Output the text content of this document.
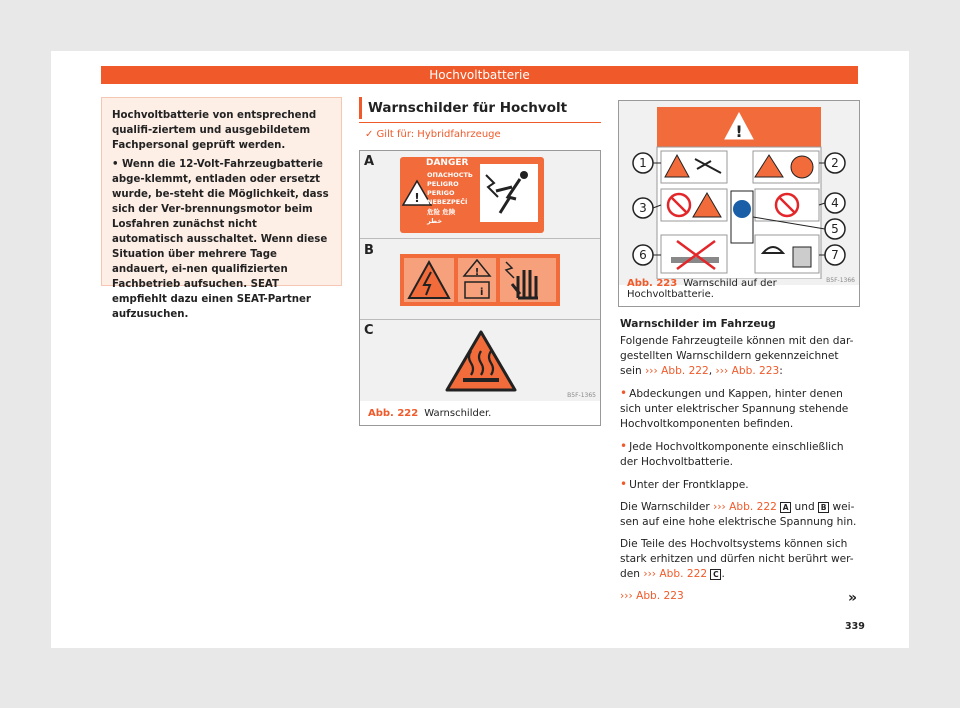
Hochvoltbatterie

Hochvoltbatterie von entsprechend qualifi-ziertem und ausgebildetem Fachpersonal geprüft werden.

• Wenn die 12-Volt-Fahrzeugbatterie abge-klemmt, entladen oder ersetzt wurde, be-steht die Möglichkeit, dass sich der Ver-brennungsmotor beim Losfahren zunächst nicht automatisch ausschaltet. Wenn diese Situation über mehrere Tage andauert, ei-nen qualifizierten Fachbetrieb aufsuchen. SEAT empfiehlt dazu einen SEAT-Partner aufzusuchen.

Warnschilder für Hochvolt
✓ Gilt für: Hybridfahrzeuge
A
B
C
!
DANGER
ОПАСНОСТЬ
PELIGRO
PERIGO
NEBEZPEČÍ
危险 危険
خطر
!
i
B5F-1365
Abb. 222 Warnschilder.
!
1	2
3	4
5
6	7
B5F-1366
Abb. 223 Warnschild auf der Hochvoltbatterie.

Warnschilder im Fahrzeug

Folgende Fahrzeugteile können mit den dar-gestellten Warnschildern gekennzeichnet sein ››› Abb. 222, ››› Abb. 223:

• Abdeckungen und Kappen, hinter denen sich unter elektrischer Spannung stehende Hochvoltkomponenten befinden.

• Jede Hochvoltkomponente einschließlich der Hochvoltbatterie.

• Unter der Frontklappe.

Die Warnschilder ››› Abb. 222 A und B wei-sen auf eine hohe elektrische Spannung hin.

Die Teile des Hochvoltsystems können sich stark erhitzen und dürfen nicht berührt wer-den ››› Abb. 222 C .

››› Abb. 223	»
339
